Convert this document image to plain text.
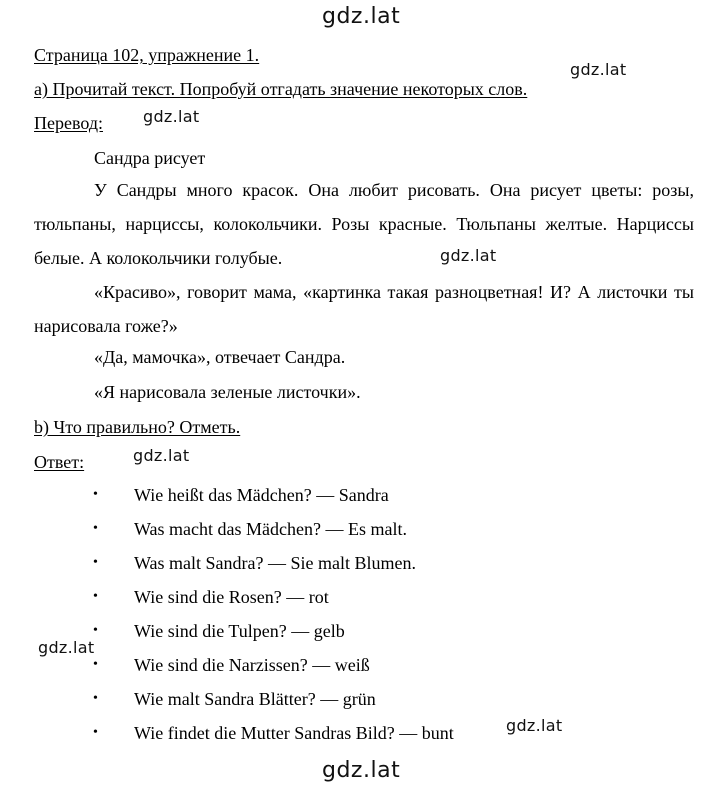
gdz.lat
gdz.lat
gdz.lat
gdz.lat
gdz.lat
gdz.lat
gdz.lat
gdz.lat
Страница 102, упражнение 1.
а) Прочитай текст. Попробуй отгадать значение некоторых слов.
Перевод:
Сандра рисует
У Сандры много красок. Она любит рисовать. Она рисует цветы: розы, тюльпаны, нарциссы, колокольчики. Розы красные. Тюльпаны желтые. Нарциссы белые. А колокольчики голубые.
«Красиво», говорит мама, «картинка такая разноцветная! И? А листочки ты нарисовала гоже?»
«Да, мамочка», отвечает Сандра.
«Я нарисовала зеленые листочки».
b) Что правильно? Отметь.
Ответ:
• Wie heißt das Mädchen? — Sandra
• Was macht das Mädchen? — Es malt.
• Was malt Sandra? — Sie malt Blumen.
• Wie sind die Rosen? — rot
• Wie sind die Tulpen? — gelb
• Wie sind die Narzissen? — weiß
• Wie malt Sandra Blätter? — grün
• Wie findet die Mutter Sandras Bild? — bunt
